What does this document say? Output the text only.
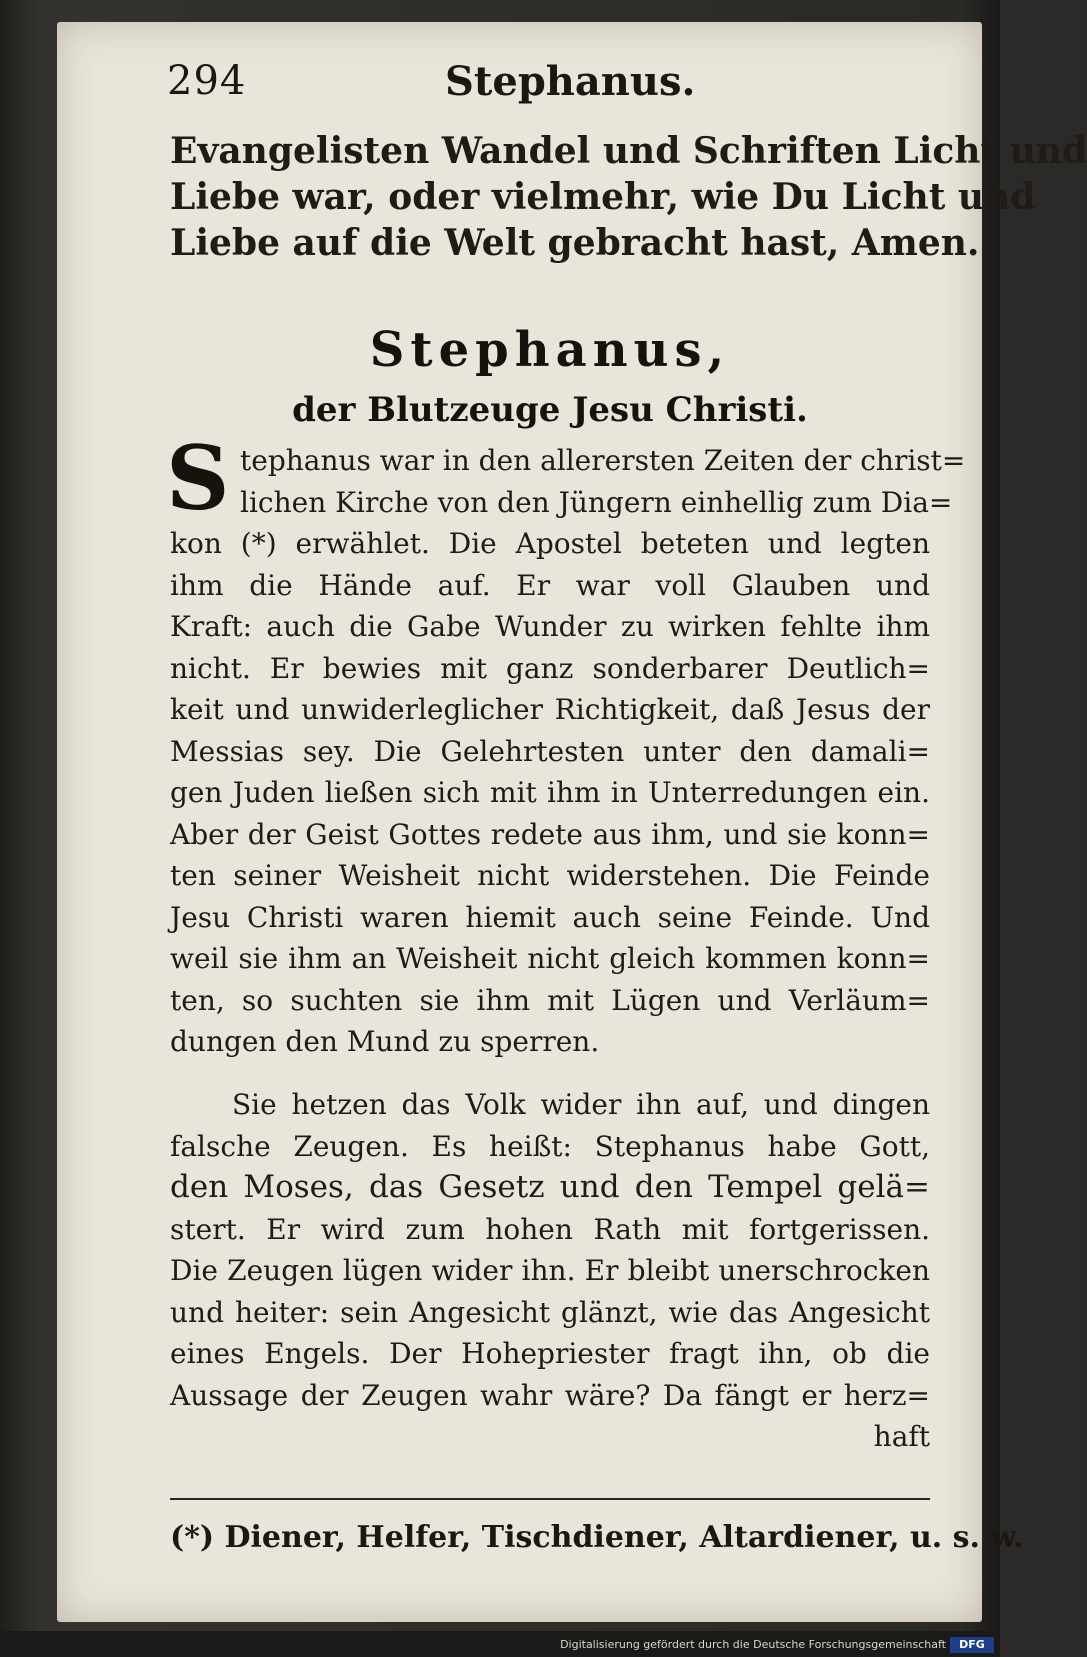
294	Stephanus.
Evangelisten Wandel und Schriften Licht und
Liebe war, oder vielmehr, wie Du Licht und
Liebe auf die Welt gebracht hast, Amen.
Stephanus,
der Blutzeuge Jesu Christi.
S tephanus war in den allerersten Zeiten der christ=
lichen Kirche von den Jüngern einhellig zum Dia=
kon (*) erwählet. Die Apostel beteten und legten
ihm die Hände auf. Er war voll Glauben und
Kraft: auch die Gabe Wunder zu wirken fehlte ihm
nicht. Er bewies mit ganz sonderbarer Deutlich=
keit und unwiderleglicher Richtigkeit, daß Jesus der
Messias sey. Die Gelehrtesten unter den damali=
gen Juden ließen sich mit ihm in Unterredungen ein.
Aber der Geist Gottes redete aus ihm, und sie konn=
ten seiner Weisheit nicht widerstehen. Die Feinde
Jesu Christi waren hiemit auch seine Feinde. Und
weil sie ihm an Weisheit nicht gleich kommen konn=
ten, so suchten sie ihm mit Lügen und Verläum=
dungen den Mund zu sperren.
Sie hetzen das Volk wider ihn auf, und dingen
falsche Zeugen. Es heißt: Stephanus habe Gott,
den Moses, das Gesetz und den Tempel gelä=
stert. Er wird zum hohen Rath mit fortgerissen.
Die Zeugen lügen wider ihn. Er bleibt unerschrocken
und heiter: sein Angesicht glänzt, wie das Angesicht
eines Engels. Der Hohepriester fragt ihn, ob die
Aussage der Zeugen wahr wäre? Da fängt er herz=
haft
(*) Diener, Helfer, Tischdiener, Altardiener, u. s. w.
Digitalisierung gefördert durch die Deutsche Forschungsgemeinschaft	DFG
